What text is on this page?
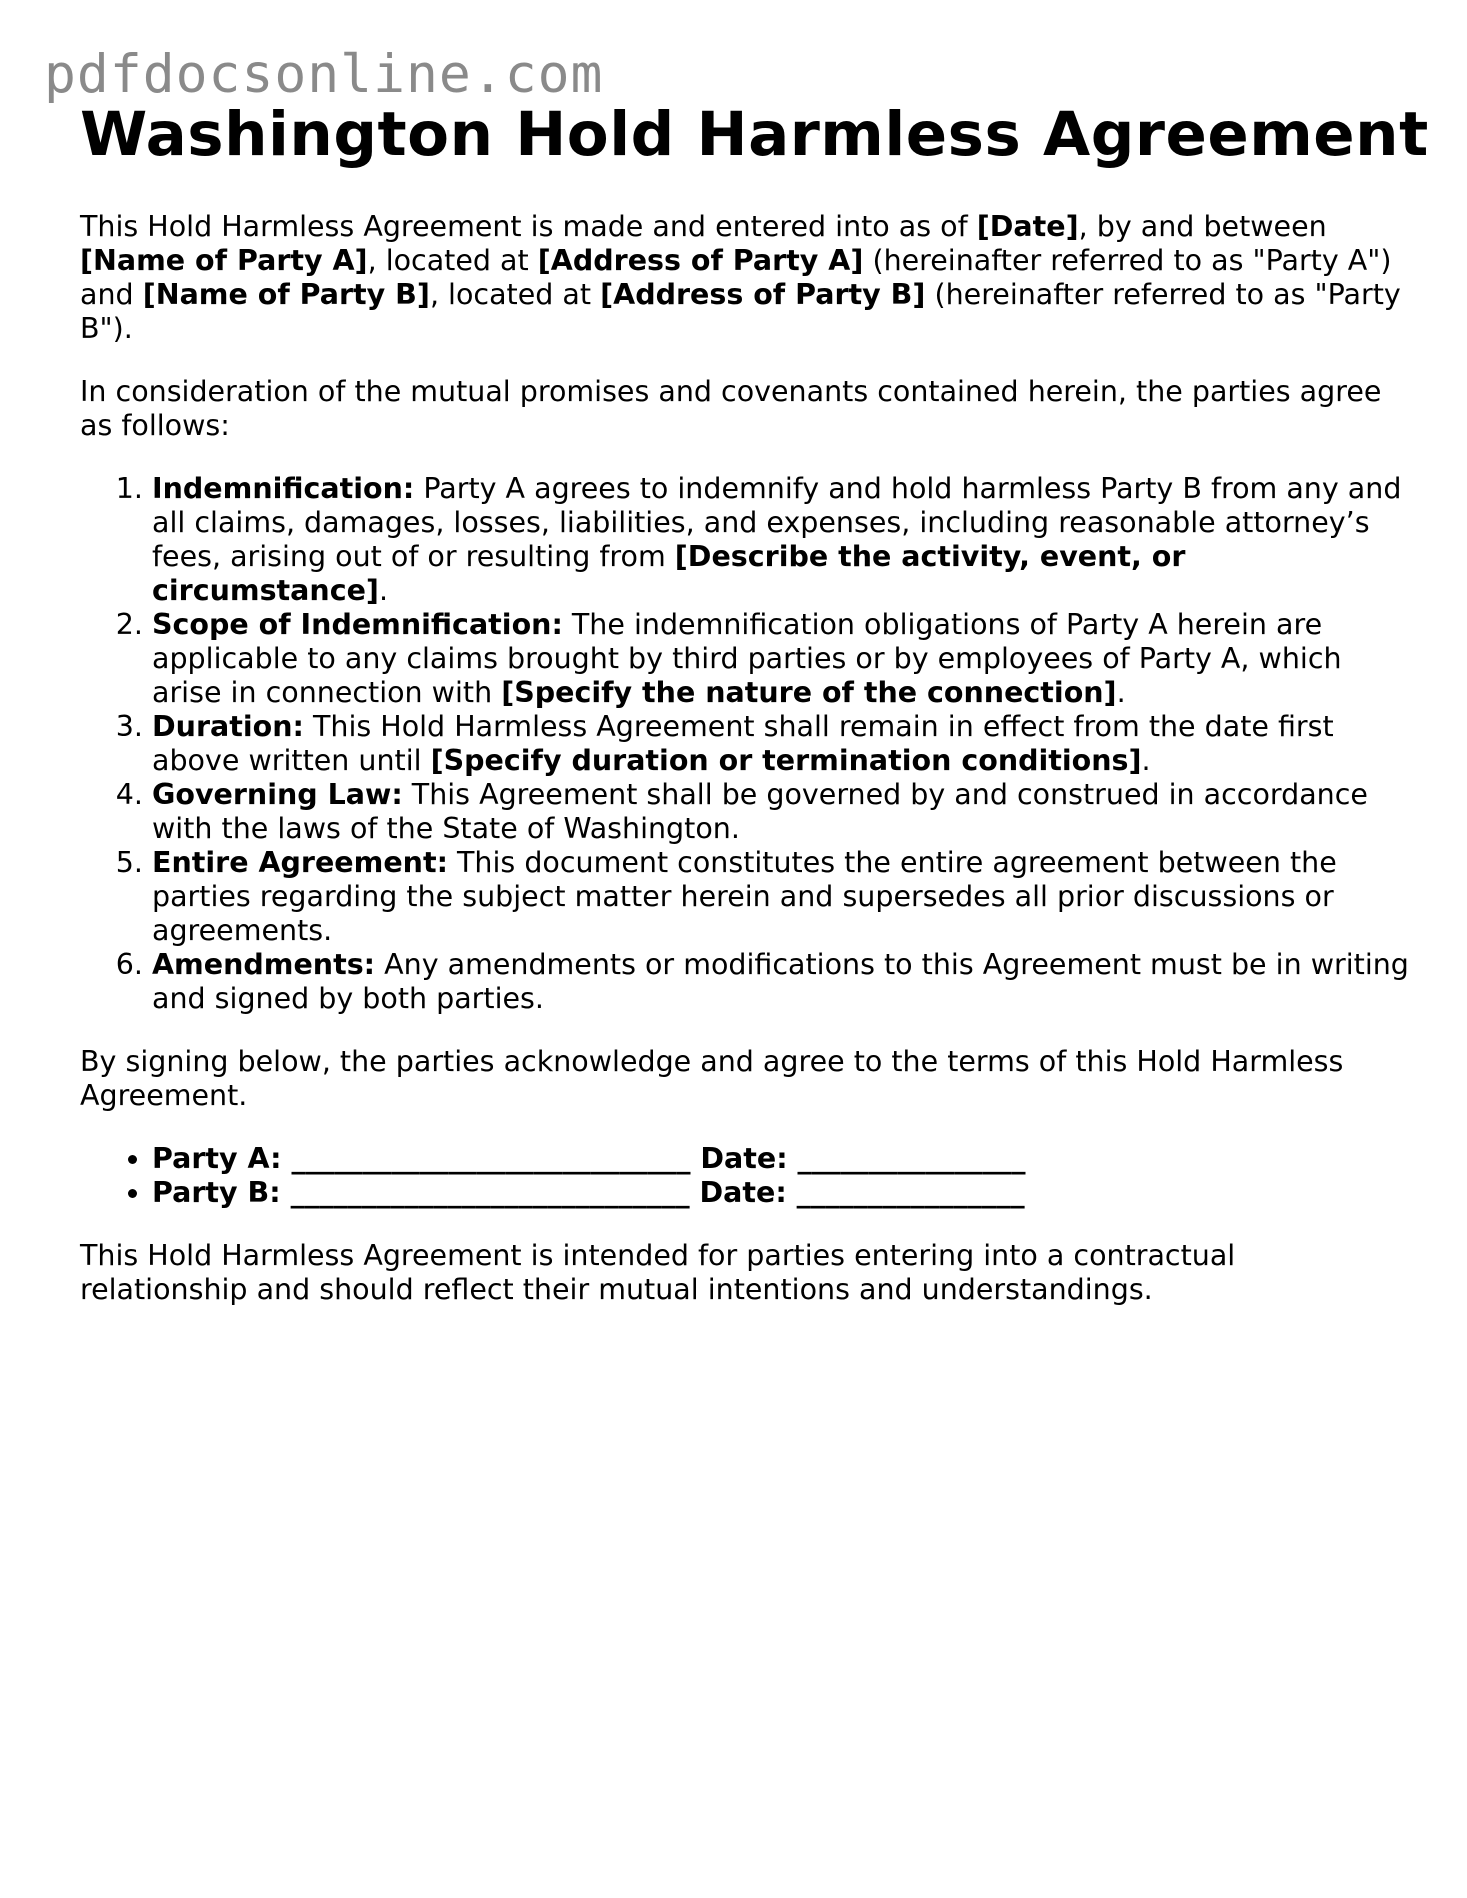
pdfdocsonline.com
Washington Hold Harmless Agreement

This Hold Harmless Agreement is made and entered into as of [Date], by and between [Name of Party A], located at [Address of Party A] (hereinafter referred to as "Party A") and [Name of Party B], located at [Address of Party B] (hereinafter referred to as "Party B").

In consideration of the mutual promises and covenants contained herein, the parties agree as follows:

1. Indemnification: Party A agrees to indemnify and hold harmless Party B from any and all claims, damages, losses, liabilities, and expenses, including reasonable attorney’s fees, arising out of or resulting from [Describe the activity, event, or circumstance].
2. Scope of Indemnification: The indemnification obligations of Party A herein are applicable to any claims brought by third parties or by employees of Party A, which arise in connection with [Specify the nature of the connection].
3. Duration: This Hold Harmless Agreement shall remain in effect from the date first above written until [Specify duration or termination conditions].
4. Governing Law: This Agreement shall be governed by and construed in accordance with the laws of the State of Washington.
5. Entire Agreement: This document constitutes the entire agreement between the parties regarding the subject matter herein and supersedes all prior discussions or agreements.
6. Amendments: Any amendments or modifications to this Agreement must be in writing and signed by both parties.

By signing below, the parties acknowledge and agree to the terms of this Hold Harmless Agreement.

• Party A: ____________________________ Date: ________________
• Party B: ____________________________ Date: ________________

This Hold Harmless Agreement is intended for parties entering into a contractual relationship and should reflect their mutual intentions and understandings.
